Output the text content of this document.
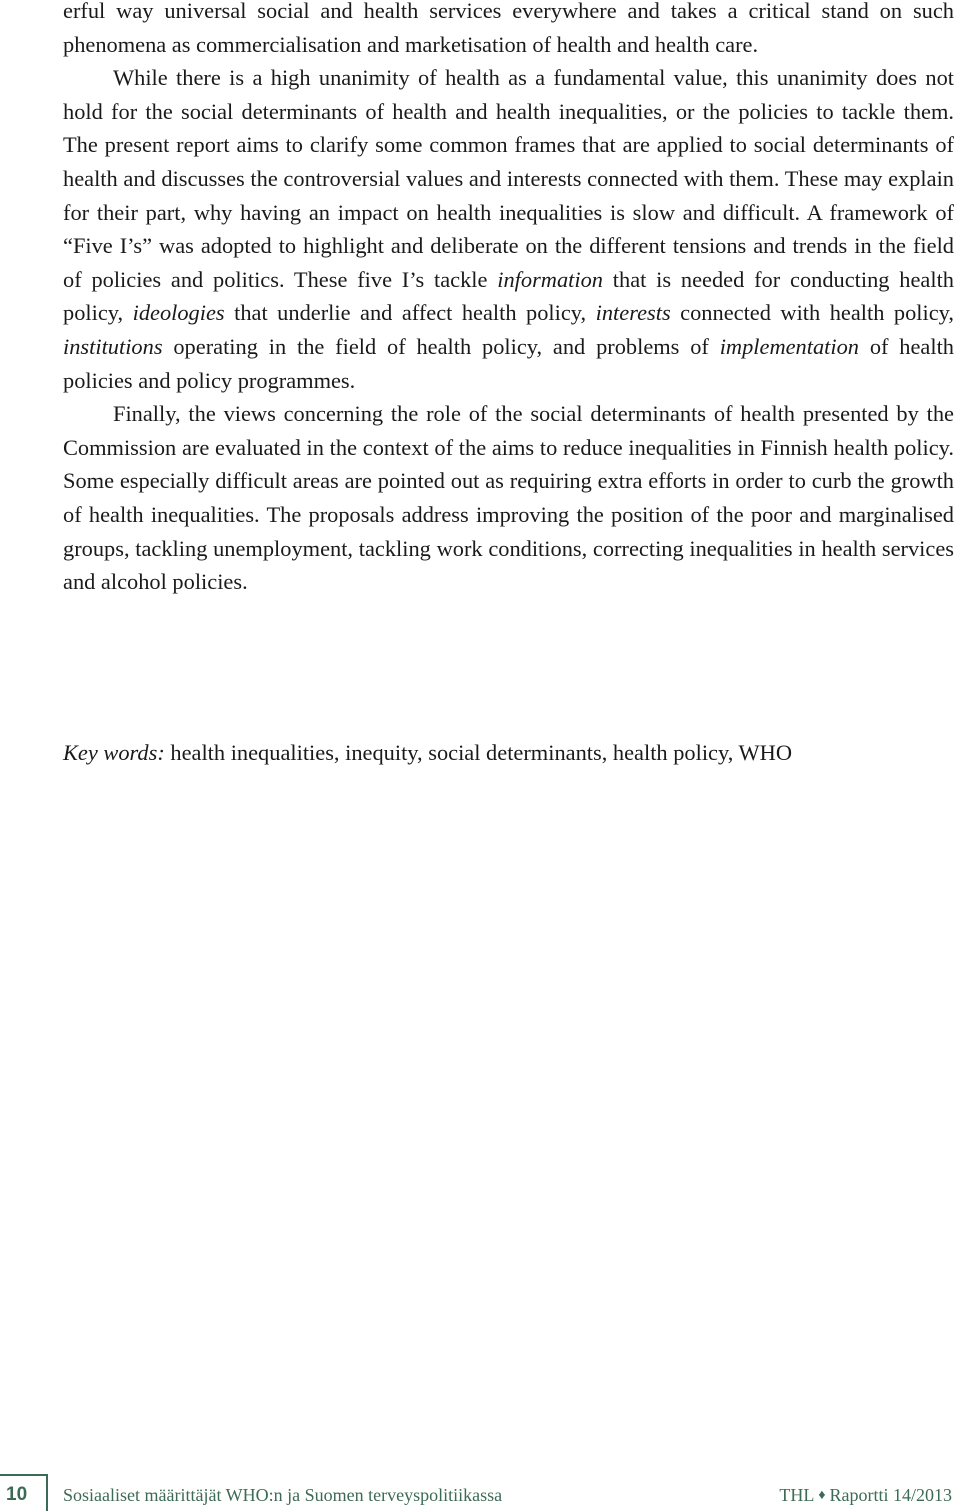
erful way universal social and health services everywhere and takes a critical stand on such phenomena as commercialisation and marketisation of health and health care.

While there is a high unanimity of health as a fundamental value, this unanimity does not hold for the social determinants of health and health inequalities, or the policies to tackle them. The present report aims to clarify some common frames that are applied to social determinants of health and discusses the controversial values and interests connected with them. These may explain for their part, why having an impact on health inequalities is slow and difficult. A framework of “Five I’s” was adopted to highlight and deliberate on the different tensions and trends in the field of policies and politics. These five I’s tackle information that is needed for conducting health policy, ideologies that underlie and affect health policy, interests connected with health policy, institutions operating in the field of health policy, and problems of implementation of health policies and policy programmes.

Finally, the views concerning the role of the social determinants of health presented by the Commission are evaluated in the context of the aims to reduce inequalities in Finnish health policy. Some especially difficult areas are pointed out as requiring extra efforts in order to curb the growth of health inequalities. The proposals address improving the position of the poor and marginalised groups, tackling unemployment, tackling work conditions, correcting inequalities in health services and alcohol policies.

Key words: health inequalities, inequity, social determinants, health policy, WHO

10 Sosiaaliset määrittäjät WHO:n ja Suomen terveyspolitiikassa	THL ♦ Raportti 14/2013
